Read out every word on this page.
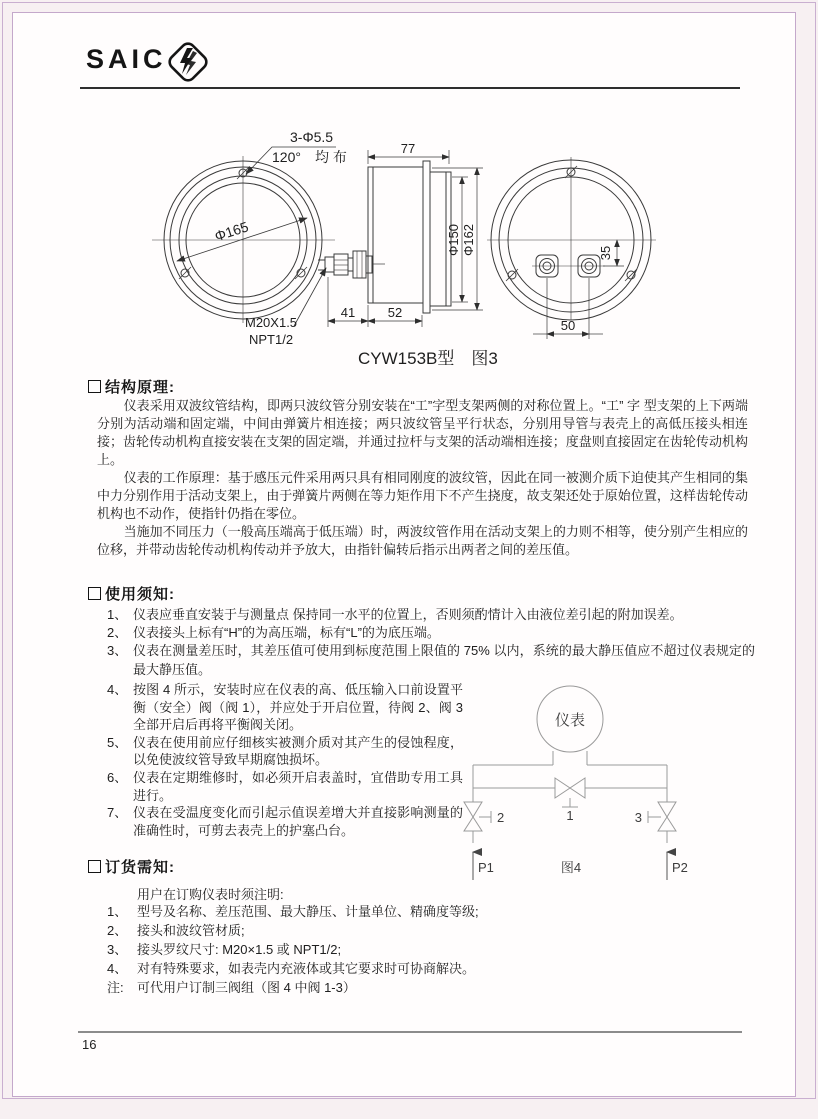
SAIC
3-Φ5.5
120°　均 布
Φ165
M20X1.5
NPT1/2
41	52
77
Φ150 Φ162	35
50
CYW153B型　图3
结构原理:

仪表采用双波纹管结构，即两只波纹管分别安装在“工”字型支架两侧的对称位置上。“工” 字 型支架的上下两端分别为活动端和固定端，中间由弹簧片相连接；两只波纹管呈平行状态，分别用导管与表壳上的高低压接头相连接；齿轮传动机构直接安装在支架的固定端，并通过拉杆与支架的活动端相连接；度盘则直接固定在齿轮传动机构上。

仪表的工作原理：基于感压元件采用两只具有相同刚度的波纹管，因此在同一被测介质下迫使其产生相同的集中力分别作用于活动支架上，由于弹簧片两侧在等力矩作用下不产生挠度，故支架还处于原始位置，这样齿轮传动机构也不动作，使指针仍指在零位。

当施加不同压力（一般高压端高于低压端）时，两波纹管作用在活动支架上的力则不相等，使分别产生相应的位移，并带动齿轮传动机构传动并予放大，由指针偏转后指示出两者之间的差压值。

使用须知:
1、 仪表应垂直安装于与测量点 保持同一水平的位置上，否则须酌情计入由液位差引起的附加误差。
2、 仪表接头上标有“H”的为高压端，标有“L”的为底压端。
3、 仪表在测量差压时，其差压值可使用到标度范围上限值的 75% 以内，系统的最大静压值应不超过仪表规定的最大静压值。
4、 按图 4 所示，安装时应在仪表的高、低压输入口前设置平衡（安全）阀（阀 1），并应处于开启位置，待阀 2、阀 3 全部开启后再将平衡阀关闭。
5、 仪表在使用前应仔细核实被测介质对其产生的侵蚀程度，以免使波纹管导致早期腐蚀损坏。
6、 仪表在定期维修时，如必须开启表盖时，宜借助专用工具进行。
7、 仪表在受温度变化而引起示值误差增大并直接影响测量的准确性时，可剪去表壳上的护塞凸台。
仪表
1
2	3
P1	P2
图4
订货需知:
用户在订购仪表时须注明:
1、 型号及名称、差压范围、最大静压、计量单位、精确度等级;
2、 接头和波纹管材质;
3、 接头罗纹尺寸: M20×1.5 或 NPT1/2;
4、 对有特殊要求，如表壳内充液体或其它要求时可协商解决。
注:	可代用户订制三阀组（图 4 中阀 1-3）
16
